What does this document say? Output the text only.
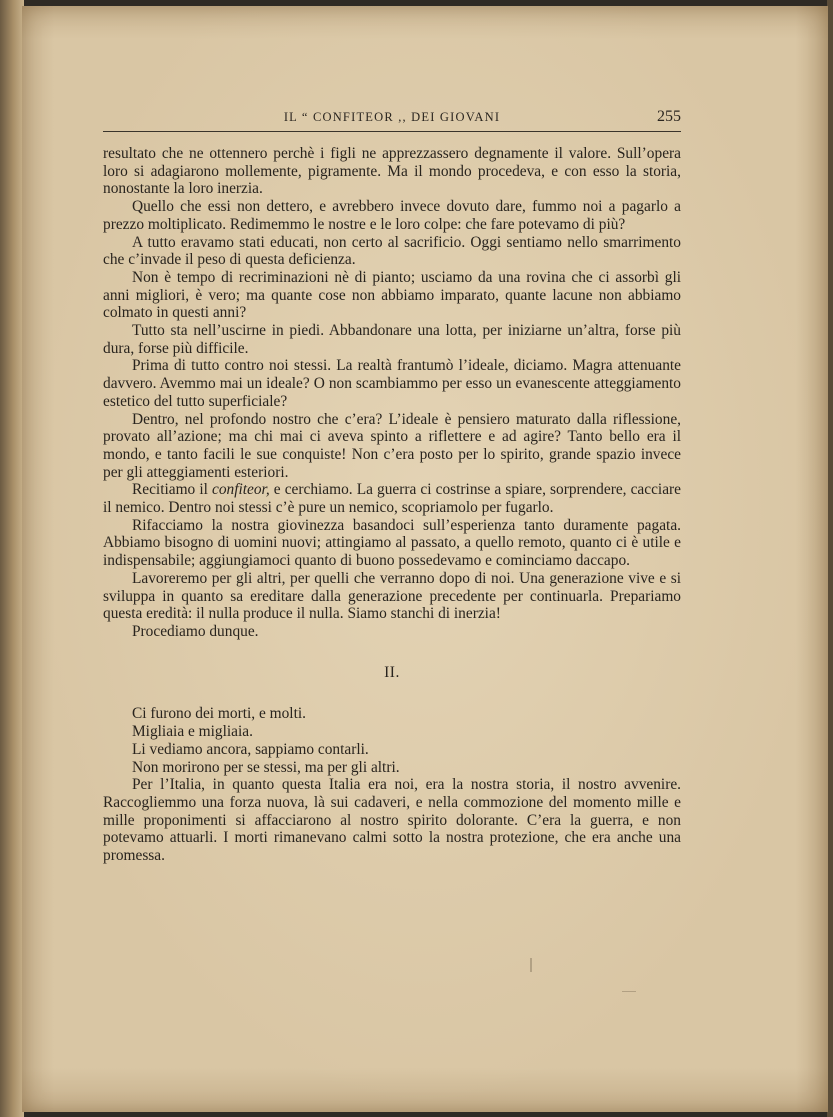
IL “ CONFITEOR ,, DEI GIOVANI	255

resultato che ne ottennero perchè i figli ne apprezzassero degnamente il valore. Sull’opera loro si adagiarono mollemente, pigramente. Ma il mondo procedeva, e con esso la storia, nonostante la loro inerzia.

Quello che essi non dettero, e avrebbero invece dovuto dare, fummo noi a pagarlo a prezzo moltiplicato. Redimemmo le nostre e le loro colpe: che fare potevamo di più?

A tutto eravamo stati educati, non certo al sacrificio. Oggi sentiamo nello smarrimento che c’invade il peso di questa deficienza.

Non è tempo di recriminazioni nè di pianto; usciamo da una rovina che ci assorbì gli anni migliori, è vero; ma quante cose non abbiamo imparato, quante lacune non abbiamo colmato in questi anni?

Tutto sta nell’uscirne in piedi. Abbandonare una lotta, per iniziarne un’altra, forse più dura, forse più difficile.

Prima di tutto contro noi stessi. La realtà frantumò l’ideale, diciamo. Magra attenuante davvero. Avemmo mai un ideale? O non scambiammo per esso un evanescente atteggiamento estetico del tutto superficiale?

Dentro, nel profondo nostro che c’era? L’ideale è pensiero maturato dalla riflessione, provato all’azione; ma chi mai ci aveva spinto a riflettere e ad agire? Tanto bello era il mondo, e tanto facili le sue conquiste! Non c’era posto per lo spirito, grande spazio invece per gli atteggiamenti esteriori.

Recitiamo il confiteor, e cerchiamo. La guerra ci costrinse a spiare, sorprendere, cacciare il nemico. Dentro noi stessi c’è pure un nemico, scopriamolo per fugarlo.

Rifacciamo la nostra giovinezza basandoci sull’esperienza tanto duramente pagata. Abbiamo bisogno di uomini nuovi; attingiamo al passato, a quello remoto, quanto ci è utile e indispensabile; aggiungiamoci quanto di buono possedevamo e cominciamo daccapo.

Lavoreremo per gli altri, per quelli che verranno dopo di noi. Una generazione vive e si sviluppa in quanto sa ereditare dalla generazione precedente per continuarla. Prepariamo questa eredità: il nulla produce il nulla. Siamo stanchi di inerzia!

Procediamo dunque.

II.

Ci furono dei morti, e molti.

Migliaia e migliaia.

Li vediamo ancora, sappiamo contarli.

Non morirono per se stessi, ma per gli altri.

Per l’Italia, in quanto questa Italia era noi, era la nostra storia, il nostro avvenire. Raccogliemmo una forza nuova, là sui cadaveri, e nella commozione del momento mille e mille proponimenti si affacciarono al nostro spirito dolorante. C’era la guerra, e non potevamo attuarli. I morti rimanevano calmi sotto la nostra protezione, che era anche una promessa.
